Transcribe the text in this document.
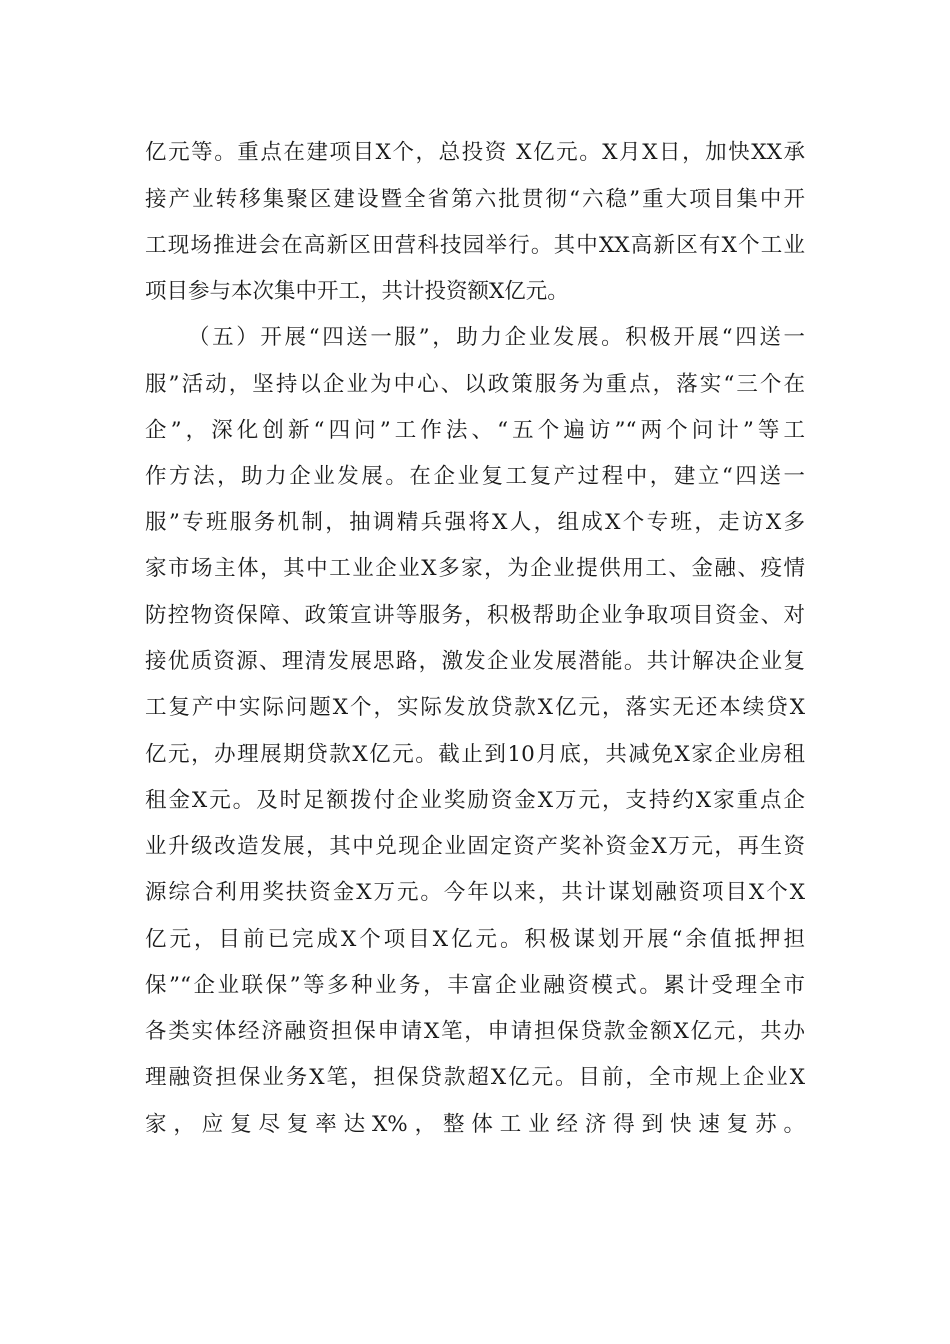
亿元等。重点在建项目X个，总投资 X亿元。X月X日，加快XX承
接产业转移集聚区建设暨全省第六批贯彻“六稳”重大项目集中开
工现场推进会在高新区田营科技园举行。其中XX高新区有X个工业
项目参与本次集中开工，共计投资额X亿元。
（五）开展“四送一服”，助力企业发展。积极开展“四送一
服”活动，坚持以企业为中心、以政策服务为重点，落实“三个在
企”，深化创新“四问”工作法、“五个遍访”“两个问计”等工
作方法，助力企业发展。在企业复工复产过程中，建立“四送一
服”专班服务机制，抽调精兵强将X人，组成X个专班，走访X多
家市场主体，其中工业企业X多家，为企业提供用工、金融、疫情
防控物资保障、政策宣讲等服务，积极帮助企业争取项目资金、对
接优质资源、理清发展思路，激发企业发展潜能。共计解决企业复
工复产中实际问题X个，实际发放贷款X亿元，落实无还本续贷X
亿元，办理展期贷款X亿元。截止到10月底，共减免X家企业房租
租金X元。及时足额拨付企业奖励资金X万元，支持约X家重点企
业升级改造发展，其中兑现企业固定资产奖补资金X万元，再生资
源综合利用奖扶资金X万元。今年以来，共计谋划融资项目X个X
亿元，目前已完成X个项目X亿元。积极谋划开展“余值抵押担
保”“企业联保”等多种业务，丰富企业融资模式。累计受理全市
各类实体经济融资担保申请X笔，申请担保贷款金额X亿元，共办
理融资担保业务X笔，担保贷款超X亿元。目前，全市规上企业X
家，应复尽复率达X%，整体工业经济得到快速复苏。
